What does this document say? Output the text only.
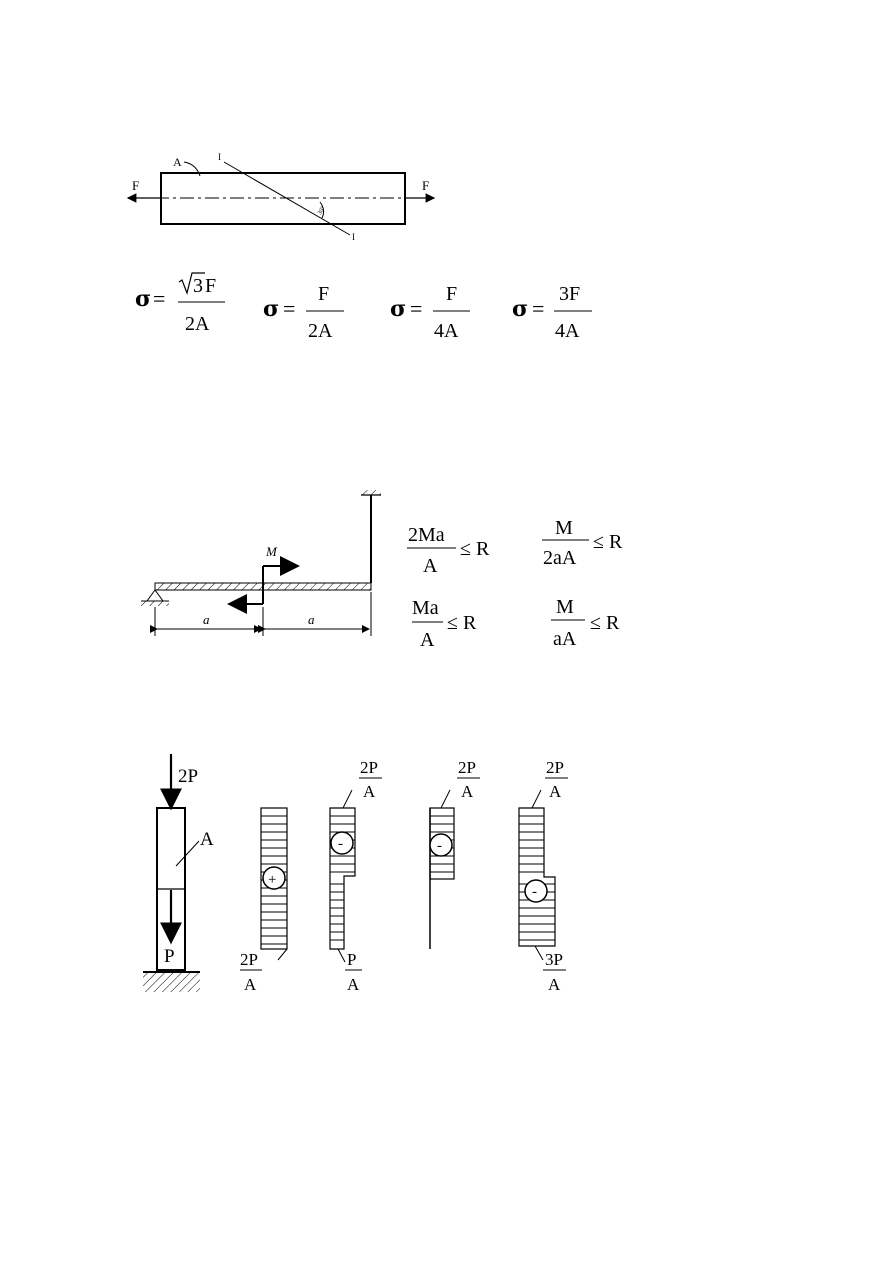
F	F
A	I
I
30°
σ = 3 F
2A
σ =
F
2A
σ =
F
4A
σ =
3F
4A
M
a	a
2Ma
A
≤ R
M
2aA
≤ R
Ma
A
≤ R
M
aA
≤ R
2P
P
A
+
2P
A
-
2P
A
P
A
-
2P
A
-
2P
A
3P
A
